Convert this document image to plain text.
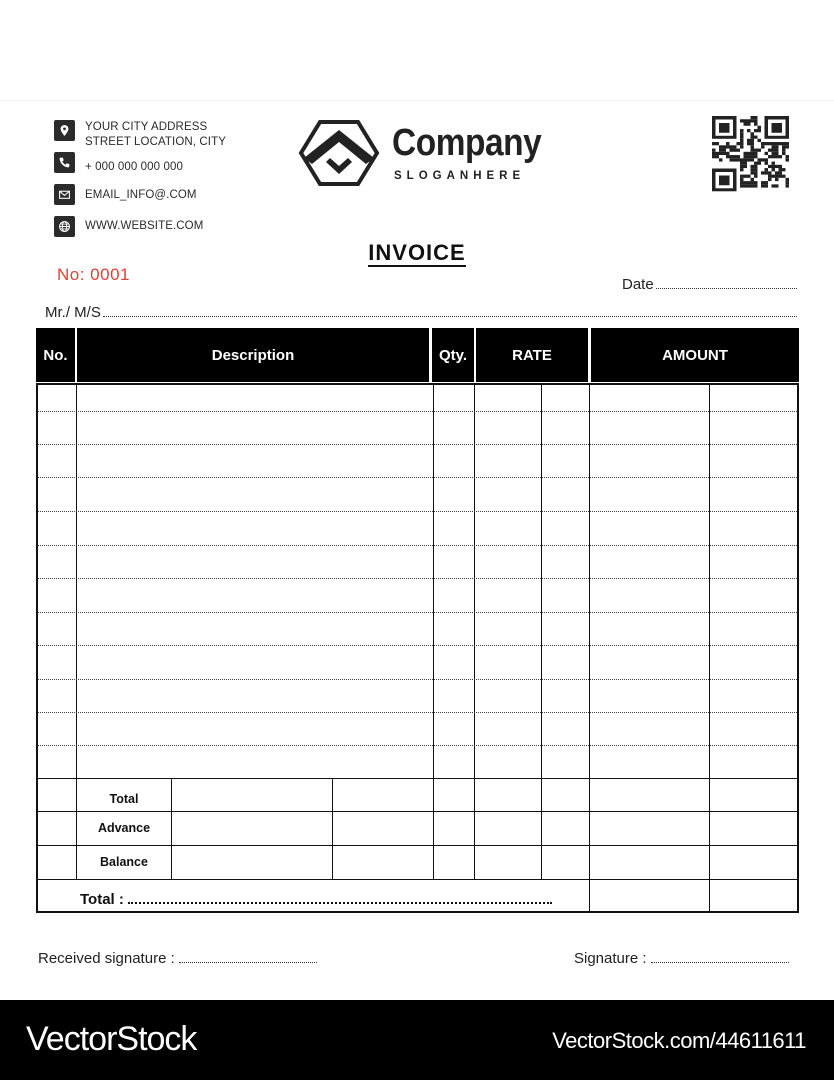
YOUR CITY ADDRESS
STREET LOCATION, CITY
+ 000 000 000 000
EMAIL_INFO@.COM
WWW.WEBSITE.COM
Company
SLOGANHERE
INVOICE
No: 0001
Date
Mr./ M/S
No.	Description	Qty.	RATE	AMOUNT
Total
Advance
Balance
Total :
Received signature :	Signature :
VectorStock	VectorStock.com/44611611
